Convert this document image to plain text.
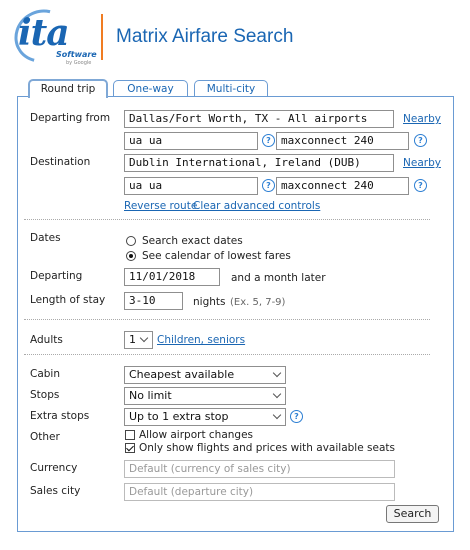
ita
Software
by Google
Matrix Airfare Search
Round trip	One-way	Multi-city
Departing from	Dallas/Fort Worth, TX - All airports	Nearby
ua ua	? maxconnect 240	?
Destination	Dublin International, Ireland (DUB)	Nearby
ua ua	? maxconnect 240	?
Reverse route
Clear advanced controls
Dates	Search exact dates
See calendar of lowest fares
Departing	11/01/2018	and a month later
Length of stay	3-10	nights (Ex. 5, 7-9)
Adults	1	Children, seniors
Cabin	Cheapest available
Stops	No limit
Extra stops	Up to 1 extra stop	?
Other	Allow airport changes
Only show flights and prices with available seats
Currency	Default (currency of sales city)
Sales city	Default (departure city)
Search
